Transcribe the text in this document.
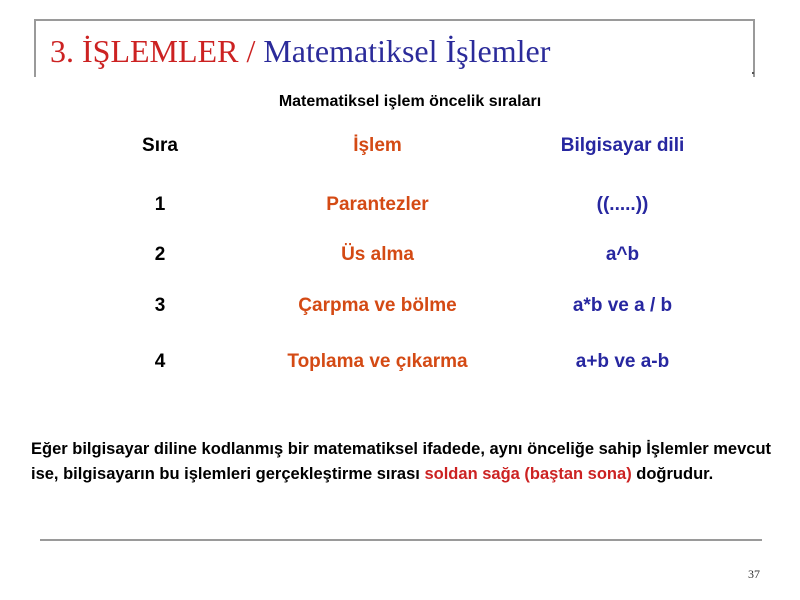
3. İŞLEMLER / Matematiksel İşlemler
Matematiksel işlem öncelik sıraları
Sıra	İşlem	Bilgisayar dili
1	Parantezler	((.....))
2	Üs alma	a^b
3	Çarpma ve bölme	a*b ve a / b
4	Toplama ve çıkarma	a+b ve a-b
Eğer bilgisayar diline kodlanmış bir matematiksel ifadede, aynı önceliğe sahip İşlemler mevcut ise, bilgisayarın bu işlemleri gerçekleştirme sırası soldan sağa (baştan sona) doğrudur.
37
